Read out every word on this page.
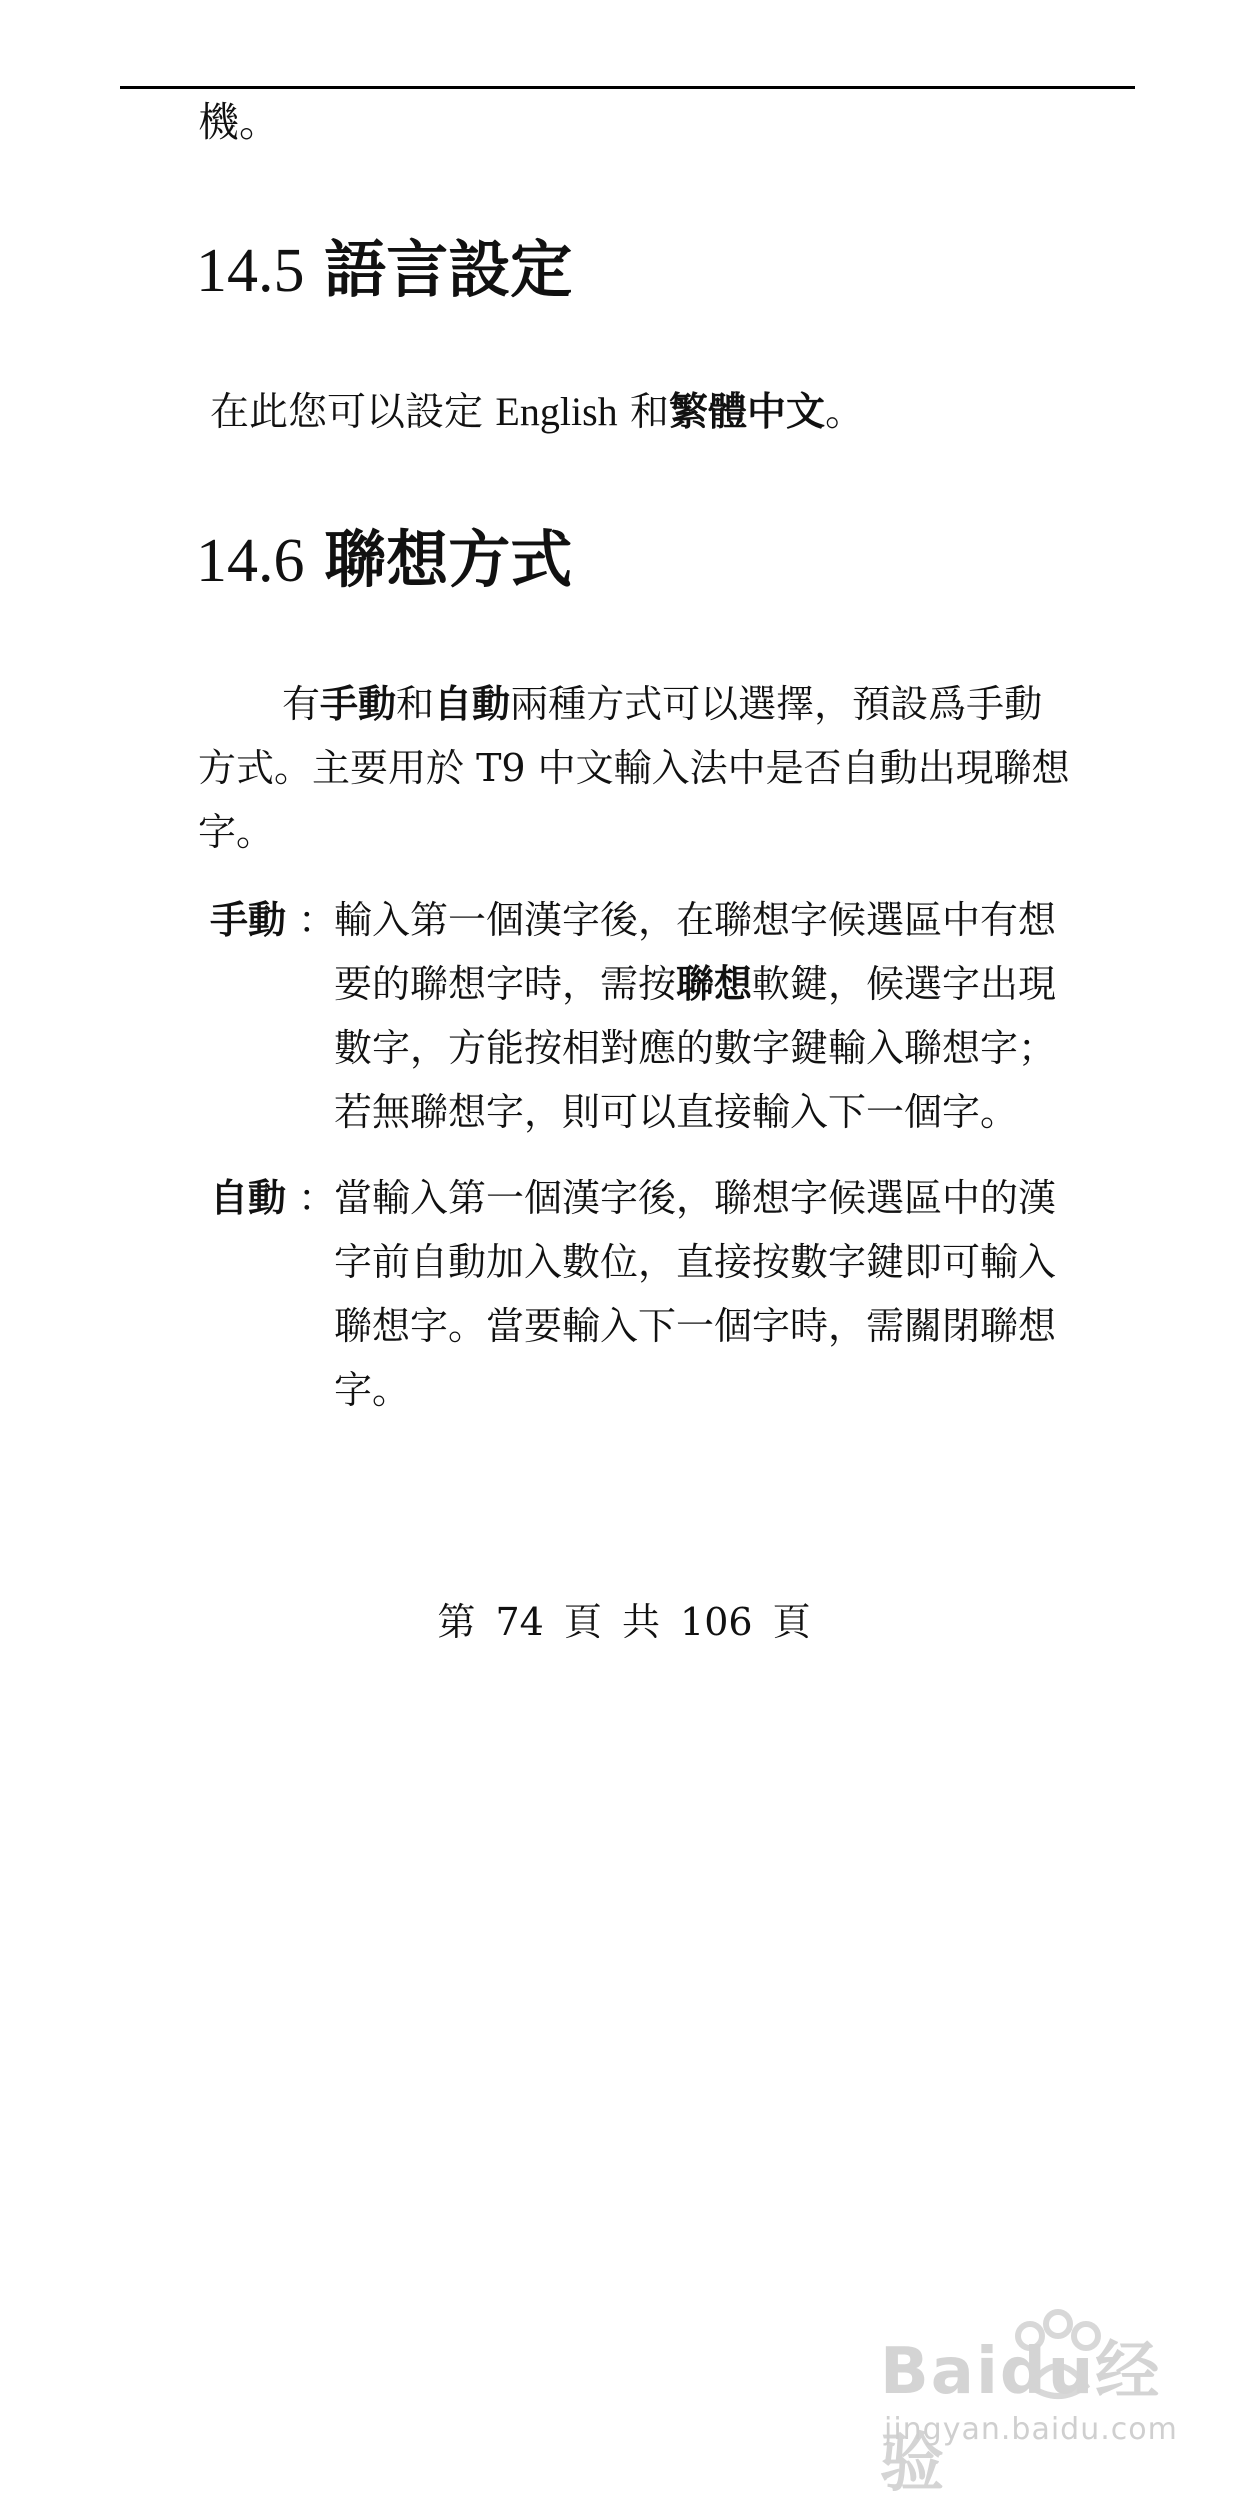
機。
14.5 語言設定
在此您可以設定 English 和繁體中文。
14.6 聯想方式
有手動和自動兩種方式可以選擇，預設爲手動
方式。主要用於 T9 中文輸入法中是否自動出現聯想
字。
手動 ：
輸入第一個漢字後，在聯想字候選區中有想
要的聯想字時，需按聯想軟鍵，候選字出現
數字，方能按相對應的數字鍵輸入聯想字；
若無聯想字，則可以直接輸入下一個字。
自動 ：
當輸入第一個漢字後，聯想字候選區中的漢
字前自動加入數位，直接按數字鍵即可輸入
聯想字。當要輸入下一個字時，需關閉聯想
字。
第 74 頁 共 106 頁
Baidu经验
jingyan.baidu.com
